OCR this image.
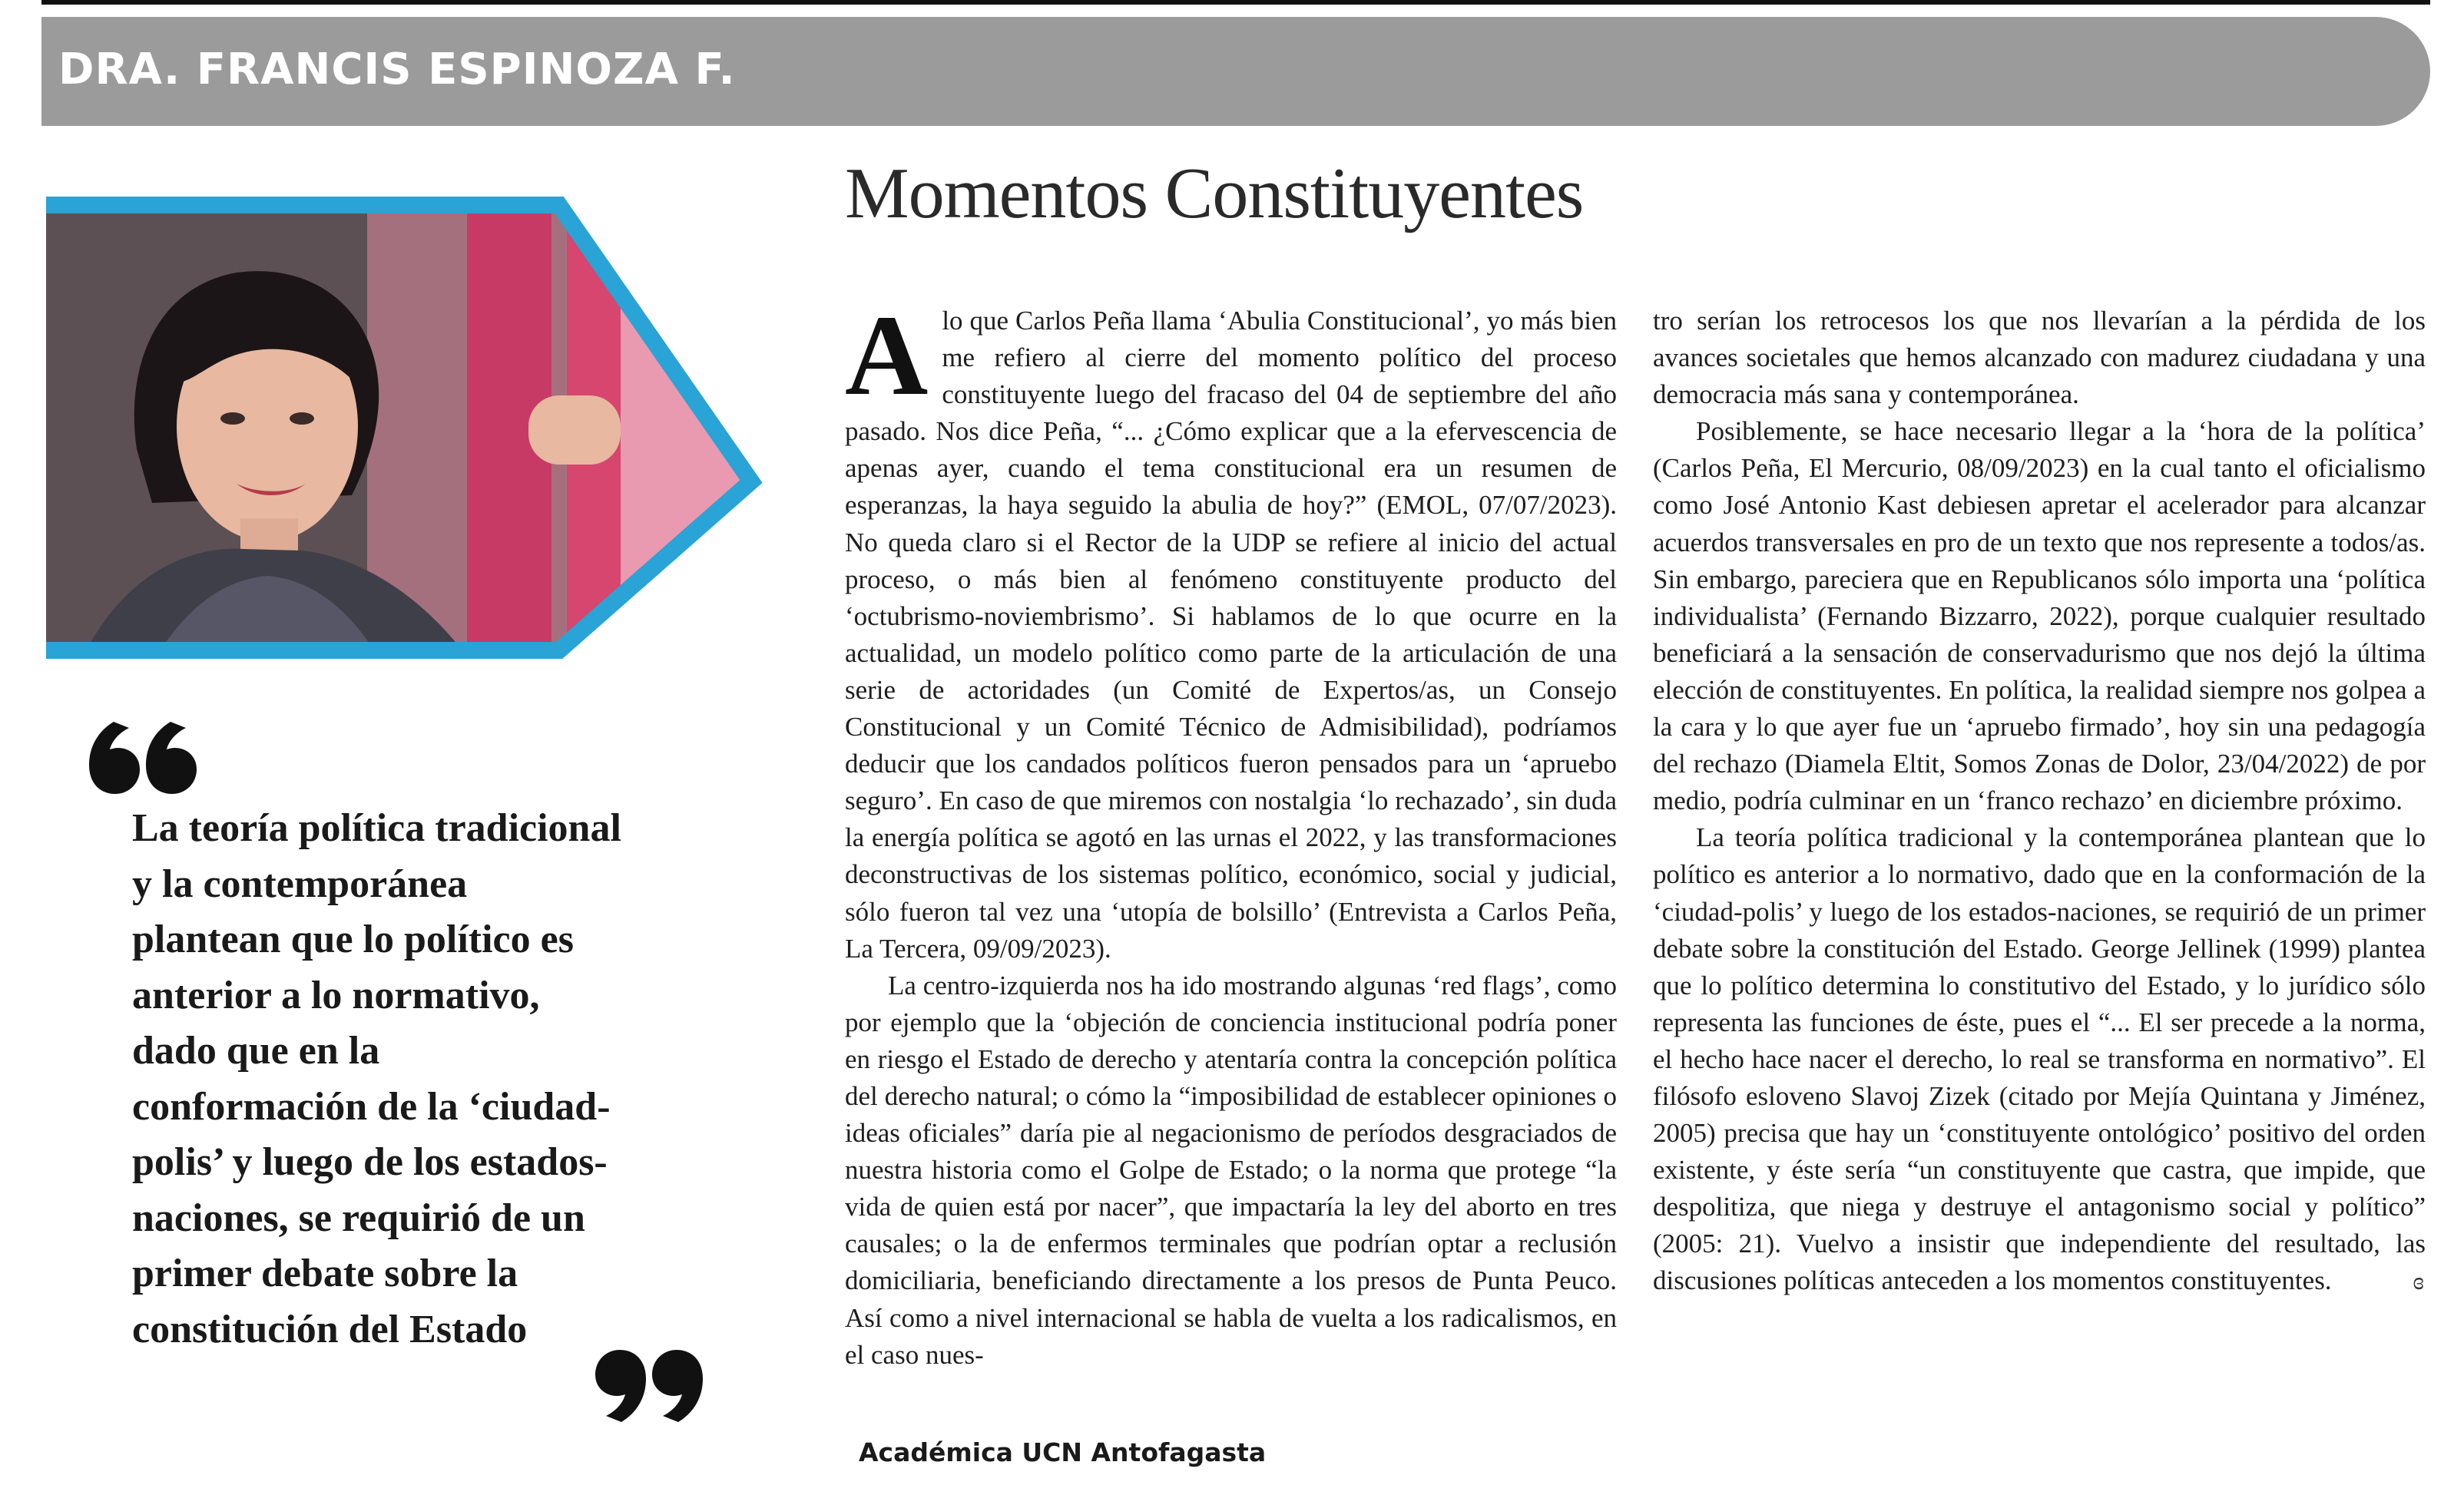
DRA. FRANCIS ESPINOZA F.

La teoría política tradicional y la contemporánea plantean que lo político es anterior a lo normativo, dado que en la conformación de la ‘ciudad-polis’ y luego de los estados-naciones, se requirió de un primer debate sobre la constitución del Estado

Momentos Constituyentes

A lo que Carlos Peña llama ‘Abulia Constitucional’, yo más bien me refiero al cierre del momento político del proceso constituyente luego del fracaso del 04 de septiembre del año pasado. Nos dice Peña, “... ¿Cómo explicar que a la efervescencia de apenas ayer, cuando el tema constitucional era un resumen de esperanzas, la haya seguido la abulia de hoy?” (EMOL, 07/07/2023). No queda claro si el Rector de la UDP se refiere al inicio del actual proceso, o más bien al fenómeno constituyente producto del ‘octubrismo-noviembrismo’. Si hablamos de lo que ocurre en la actualidad, un modelo político como parte de la articulación de una serie de actoridades (un Comité de Expertos/as, un Consejo Constitucional y un Comité Técnico de Admisibilidad), podríamos deducir que los candados políticos fueron pensados para un ‘apruebo seguro’. En caso de que miremos con nostalgia ‘lo rechazado’, sin duda la energía política se agotó en las urnas el 2022, y las transformaciones deconstructivas de los sistemas político, económico, social y judicial, sólo fueron tal vez una ‘utopía de bolsillo’ (Entrevista a Carlos Peña, La Tercera, 09/09/2023).

La centro-izquierda nos ha ido mostrando algunas ‘red flags’, como por ejemplo que la ‘objeción de conciencia institucional podría poner en riesgo el Estado de derecho y atentaría contra la concepción política del derecho natural; o cómo la “imposibilidad de establecer opiniones o ideas oficiales” daría pie al negacionismo de períodos desgraciados de nuestra historia como el Golpe de Estado; o la norma que protege “la vida de quien está por nacer”, que impactaría la ley del aborto en tres causales; o la de enfermos terminales que podrían optar a reclusión domiciliaria, beneficiando directamente a los presos de Punta Peuco. Así como a nivel internacional se habla de vuelta a los radicalismos, en el caso nues-

tro serían los retrocesos los que nos llevarían a la pérdida de los avances societales que hemos alcanzado con madurez ciudadana y una democracia más sana y contemporánea.

Posiblemente, se hace necesario llegar a la ‘hora de la política’ (Carlos Peña, El Mercurio, 08/09/2023) en la cual tanto el oficialismo como José Antonio Kast debiesen apretar el acelerador para alcanzar acuerdos transversales en pro de un texto que nos represente a todos/as. Sin embargo, pareciera que en Republicanos sólo importa una ‘política individualista’ (Fernando Bizzarro, 2022), porque cualquier resultado beneficiará a la sensación de conservadurismo que nos dejó la última elección de constituyentes. En política, la realidad siempre nos golpea a la cara y lo que ayer fue un ‘apruebo firmado’, hoy sin una pedagogía del rechazo (Diamela Eltit, Somos Zonas de Dolor, 23/04/2022) de por medio, podría culminar en un ‘franco rechazo’ en diciembre próximo.

La teoría política tradicional y la contemporánea plantean que lo político es anterior a lo normativo, dado que en la conformación de la ‘ciudad-polis’ y luego de los estados-naciones, se requirió de un primer debate sobre la constitución del Estado. George Jellinek (1999) plantea que lo político determina lo constitutivo del Estado, y lo jurídico sólo representa las funciones de éste, pues el “... El ser precede a la norma, el hecho hace nacer el derecho, lo real se transforma en normativo”. El filósofo esloveno Slavoj Zizek (citado por Mejía Quintana y Jiménez, 2005) precisa que hay un ‘constituyente ontológico’ positivo del orden existente, y éste sería “un constituyente que castra, que impide, que despolitiza, que niega y destruye el antagonismo social y político” (2005: 21). Vuelvo a insistir que independiente del resultado, las discusiones políticas anteceden a los momentos constituyentes.	ɞ

Académica UCN Antofagasta
